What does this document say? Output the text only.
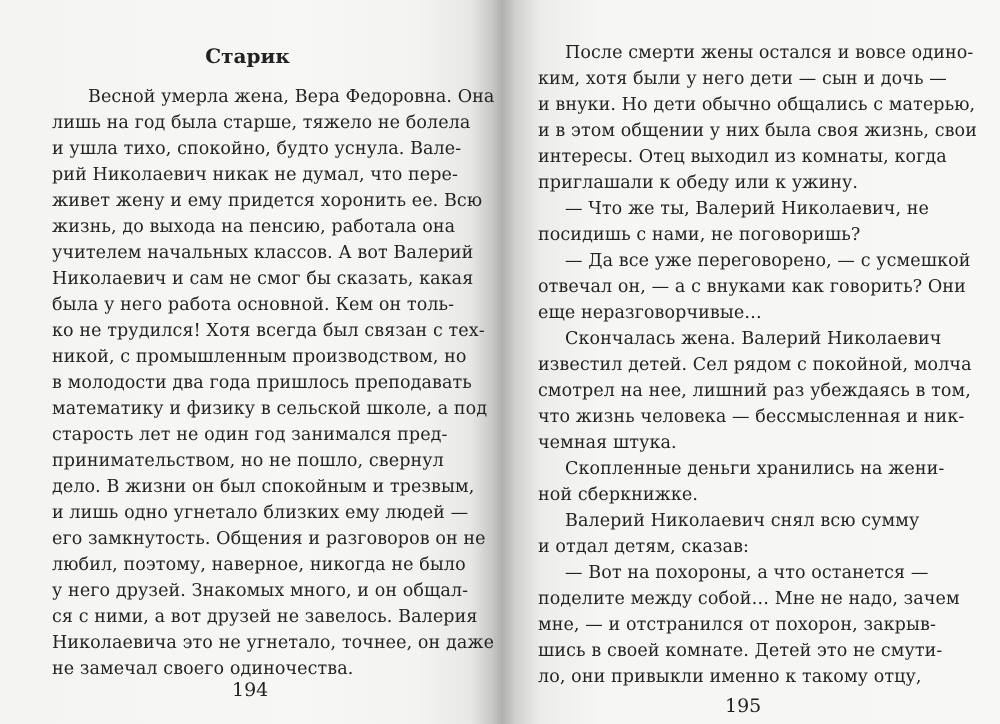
Старик
Весной умерла жена, Вера Федоровна. Она
лишь на год была старше, тяжело не болела
и ушла тихо, спокойно, будто уснула. Вале-
рий Николаевич никак не думал, что пере-
живет жену и ему придется хоронить ее. Всю
жизнь, до выхода на пенсию, работала она
учителем начальных классов. А вот Валерий
Николаевич и сам не смог бы сказать, какая
была у него работа основной. Кем он толь-
ко не трудился! Хотя всегда был связан с тех-
никой, с промышленным производством, но
в молодости два года пришлось преподавать
математику и физику в сельской школе, а под
старость лет не один год занимался пред-
принимательством, но не пошло, свернул
дело. В жизни он был спокойным и трезвым,
и лишь одно угнетало близких ему людей —
его замкнутость. Общения и разговоров он не
любил, поэтому, наверное, никогда не было
у него друзей. Знакомых много, и он общал-
ся с ними, а вот друзей не завелось. Валерия
Николаевича это не угнетало, точнее, он даже
не замечал своего одиночества.
194
После смерти жены остался и вовсе одино-
ким, хотя были у него дети — сын и дочь —
и внуки. Но дети обычно общались с матерью,
и в этом общении у них была своя жизнь, свои
интересы. Отец выходил из комнаты, когда
приглашали к обеду или к ужину.
— Что же ты, Валерий Николаевич, не
посидишь с нами, не поговоришь?
— Да все уже переговорено, — с усмешкой
отвечал он, — а с внуками как говорить? Они
еще неразговорчивые…
Скончалась жена. Валерий Николаевич
известил детей. Сел рядом с покойной, молча
смотрел на нее, лишний раз убеждаясь в том,
что жизнь человека — бессмысленная и ник-
чемная штука.
Скопленные деньги хранились на жени-
ной сберкнижке.
Валерий Николаевич снял всю сумму
и отдал детям, сказав:
— Вот на похороны, а что останется —
поделите между собой… Мне не надо, зачем
мне, — и отстранился от похорон, закрыв-
шись в своей комнате. Детей это не смути-
ло, они привыкли именно к такому отцу,
195
